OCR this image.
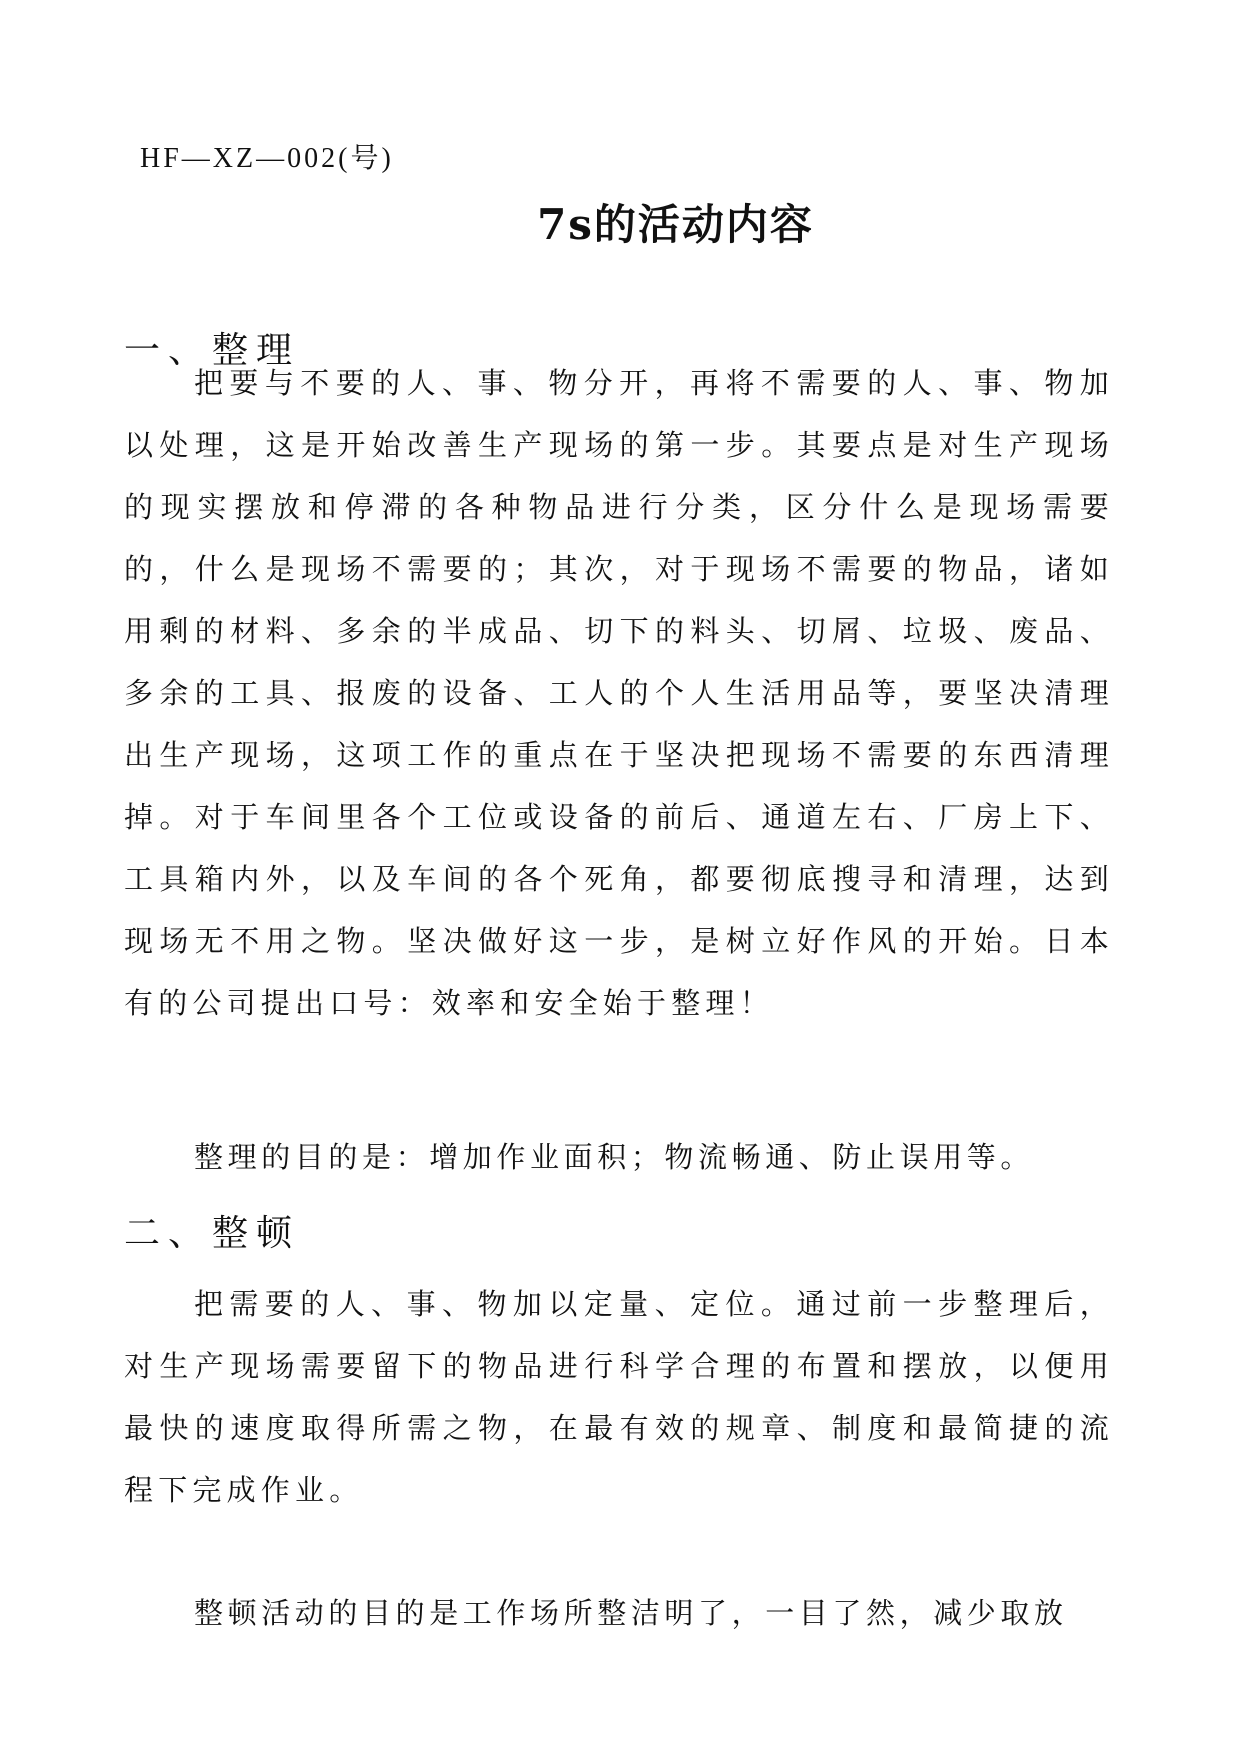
HF—XZ—002(号)
7s的活动内容
一、整理

把要与不要的人、事、物分开，再将不需要的人、事、物加以处理，这是开始改善生产现场的第一步。其要点是对生产现场的现实摆放和停滞的各种物品进行分类，区分什么是现场需要的，什么是现场不需要的；其次，对于现场不需要的物品，诸如用剩的材料、多余的半成品、切下的料头、切屑、垃圾、废品、多余的工具、报废的设备、工人的个人生活用品等，要坚决清理出生产现场，这项工作的重点在于坚决把现场不需要的东西清理掉。对于车间里各个工位或设备的前后、通道左右、厂房上下、工具箱内外，以及车间的各个死角，都要彻底搜寻和清理，达到现场无不用之物。坚决做好这一步，是树立好作风的开始。日本有的公司提出口号：效率和安全始于整理！

整理的目的是：增加作业面积；物流畅通、防止误用等。

二、整顿

把需要的人、事、物加以定量、定位。通过前一步整理后，对生产现场需要留下的物品进行科学合理的布置和摆放，以便用最快的速度取得所需之物，在最有效的规章、制度和最简捷的流程下完成作业。

整顿活动的目的是工作场所整洁明了，一目了然，减少取放
